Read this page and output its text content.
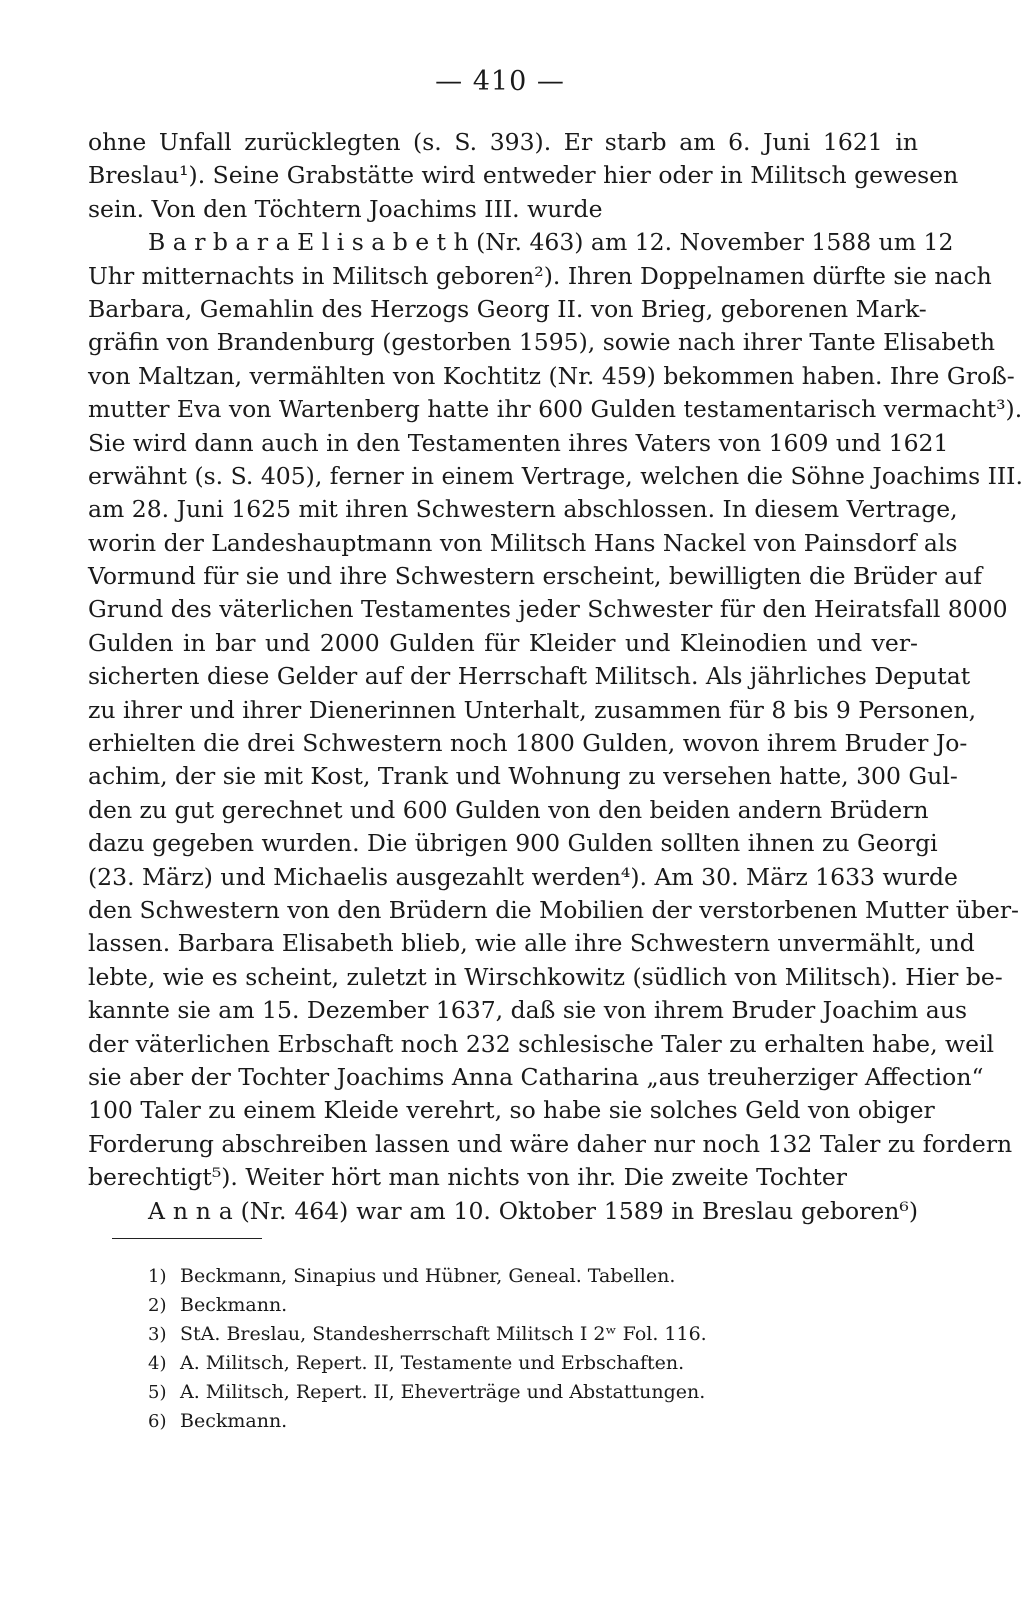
— 410 —
ohne Unfall zurücklegten (s. S. 393). Er starb am 6. Juni 1621 in
Breslau¹). Seine Grabstätte wird entweder hier oder in Militsch gewesen
sein. Von den Töchtern Joachims III. wurde
B a r b a r a E l i s a b e t h (Nr. 463) am 12. November 1588 um 12
Uhr mitternachts in Militsch geboren²). Ihren Doppelnamen dürfte sie nach
Barbara, Gemahlin des Herzogs Georg II. von Brieg, geborenen Mark-
gräfin von Brandenburg (gestorben 1595), sowie nach ihrer Tante Elisabeth
von Maltzan, vermählten von Kochtitz (Nr. 459) bekommen haben. Ihre Groß-
mutter Eva von Wartenberg hatte ihr 600 Gulden testamentarisch vermacht³).
Sie wird dann auch in den Testamenten ihres Vaters von 1609 und 1621
erwähnt (s. S. 405), ferner in einem Vertrage, welchen die Söhne Joachims III.
am 28. Juni 1625 mit ihren Schwestern abschlossen. In diesem Vertrage,
worin der Landeshauptmann von Militsch Hans Nackel von Painsdorf als
Vormund für sie und ihre Schwestern erscheint, bewilligten die Brüder auf
Grund des väterlichen Testamentes jeder Schwester für den Heiratsfall 8000
Gulden in bar und 2000 Gulden für Kleider und Kleinodien und ver-
sicherten diese Gelder auf der Herrschaft Militsch. Als jährliches Deputat
zu ihrer und ihrer Dienerinnen Unterhalt, zusammen für 8 bis 9 Personen,
erhielten die drei Schwestern noch 1800 Gulden, wovon ihrem Bruder Jo-
achim, der sie mit Kost, Trank und Wohnung zu versehen hatte, 300 Gul-
den zu gut gerechnet und 600 Gulden von den beiden andern Brüdern
dazu gegeben wurden. Die übrigen 900 Gulden sollten ihnen zu Georgi
(23. März) und Michaelis ausgezahlt werden⁴). Am 30. März 1633 wurde
den Schwestern von den Brüdern die Mobilien der verstorbenen Mutter über-
lassen. Barbara Elisabeth blieb, wie alle ihre Schwestern unvermählt, und
lebte, wie es scheint, zuletzt in Wirschkowitz (südlich von Militsch). Hier be-
kannte sie am 15. Dezember 1637, daß sie von ihrem Bruder Joachim aus
der väterlichen Erbschaft noch 232 schlesische Taler zu erhalten habe, weil
sie aber der Tochter Joachims Anna Catharina „aus treuherziger Affection“
100 Taler zu einem Kleide verehrt, so habe sie solches Geld von obiger
Forderung abschreiben lassen und wäre daher nur noch 132 Taler zu fordern
berechtigt⁵). Weiter hört man nichts von ihr. Die zweite Tochter
A n n a (Nr. 464) war am 10. Oktober 1589 in Breslau geboren⁶)
1) Beckmann, Sinapius und Hübner, Geneal. Tabellen.
2) Beckmann.
3) StA. Breslau, Standesherrschaft Militsch I 2ʷ Fol. 116.
4) A. Militsch, Repert. II, Testamente und Erbschaften.
5) A. Militsch, Repert. II, Eheverträge und Abstattungen.
6) Beckmann.
